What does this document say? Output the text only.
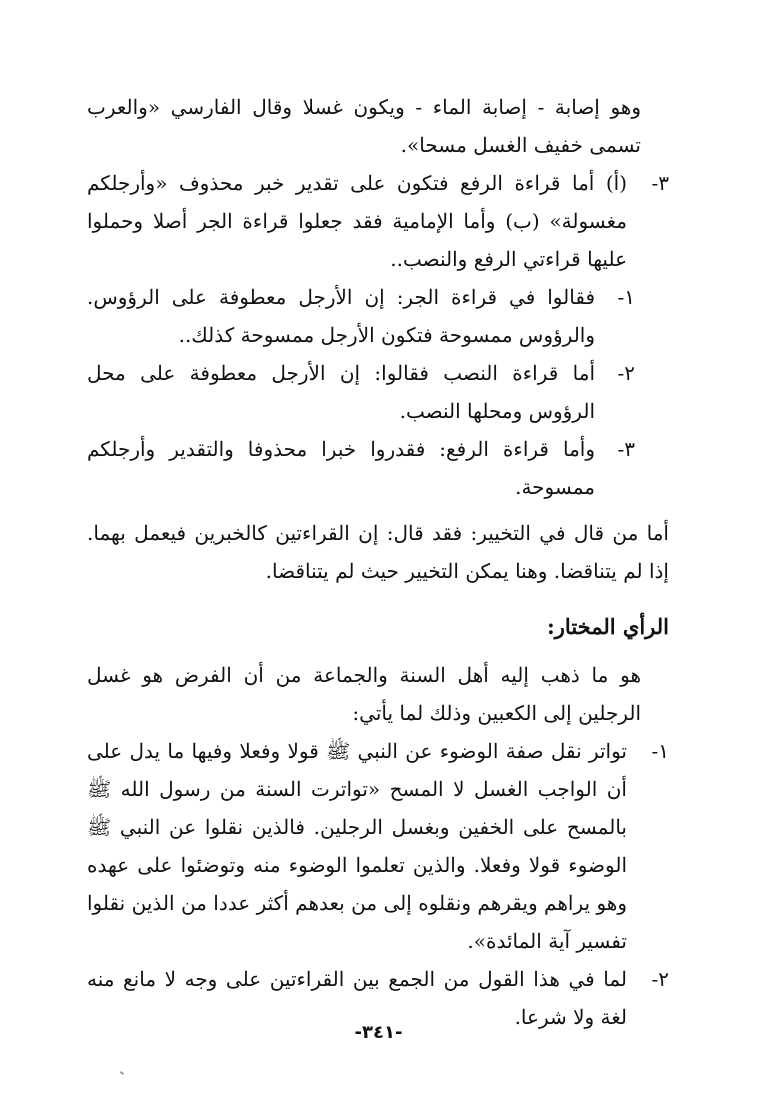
وهو إصابة - إصابة الماء - ويكون غسلا وقال الفارسي «والعرب تسمى خفيف الغسل مسحا».

٣-
(أ) أما قراءة الرفع فتكون على تقدير خبر محذوف «وأرجلكم مغسولة» (ب) وأما الإمامية فقد جعلوا قراءة الجر أصلا وحملوا عليها قراءتي الرفع والنصب..
١-
فقالوا في قراءة الجر: إن الأرجل معطوفة على الرؤوس. والرؤوس ممسوحة فتكون الأرجل ممسوحة كذلك..
٢-
أما قراءة النصب فقالوا: إن الأرجل معطوفة على محل الرؤوس ومحلها النصب.
٣-
وأما قراءة الرفع: فقدروا خبرا محذوفا والتقدير وأرجلكم ممسوحة.

أما من قال في التخيير: فقد قال: إن القراءتين كالخبرين فيعمل بهما. إذا لم يتناقضا. وهنا يمكن التخيير حيث لم يتناقضا.

الرأي المختار:

هو ما ذهب إليه أهل السنة والجماعة من أن الفرض هو غسل الرجلين إلى الكعبين وذلك لما يأتي:

١-
تواتر نقل صفة الوضوء عن النبي ﷺ قولا وفعلا وفيها ما يدل على أن الواجب الغسل لا المسح «تواترت السنة من رسول الله ﷺ بالمسح على الخفين وبغسل الرجلين. فالذين نقلوا عن النبي ﷺ الوضوء قولا وفعلا. والذين تعلموا الوضوء منه وتوضئوا على عهده وهو يراهم ويقرهم ونقلوه إلى من بعدهم أكثر عددا من الذين نقلوا تفسير آية المائدة».
٢-
لما في هذا القول من الجمع بين القراءتين على وجه لا مانع منه لغة ولا شرعا.
-٣٤١-
